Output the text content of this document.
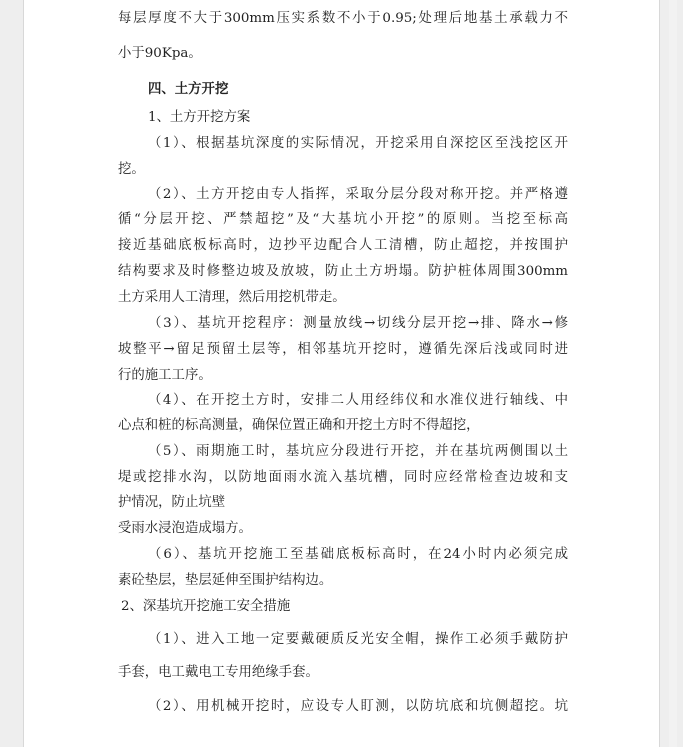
每层厚度不大于300mm压实系数不小于0.95;处理后地基土承载力不
小于90Kpa。
四、土方开挖
1、土方开挖方案
（1）、根据基坑深度的实际情况，开挖采用自深挖区至浅挖区开
挖。
（2）、土方开挖由专人指挥，采取分层分段对称开挖。并严格遵
循“分层开挖、严禁超挖”及“大基坑小开挖”的原则。当挖至标高
接近基础底板标高时，边抄平边配合人工清槽，防止超挖，并按围护
结构要求及时修整边坡及放坡，防止土方坍塌。防护桩体周围300mm
土方采用人工清理，然后用挖机带走。
（3）、基坑开挖程序：测量放线→切线分层开挖→排、降水→修
坡整平→留足预留土层等，相邻基坑开挖时，遵循先深后浅或同时进
行的施工工序。
（4）、在开挖土方时，安排二人用经纬仪和水准仪进行轴线、中
心点和桩的标高测量，确保位置正确和开挖土方时不得超挖，
（5）、雨期施工时，基坑应分段进行开挖，并在基坑两侧围以土
堤或挖排水沟，以防地面雨水流入基坑槽，同时应经常检查边坡和支
护情况，防止坑壁
受雨水浸泡造成塌方。
（6）、基坑开挖施工至基础底板标高时，在24小时内必须完成
素砼垫层，垫层延伸至围护结构边。
2、深基坑开挖施工安全措施
（1）、进入工地一定要戴硬质反光安全帽，操作工必须手戴防护
手套，电工戴电工专用绝缘手套。
（2）、用机械开挖时，应设专人盯测，以防坑底和坑侧超挖。坑
